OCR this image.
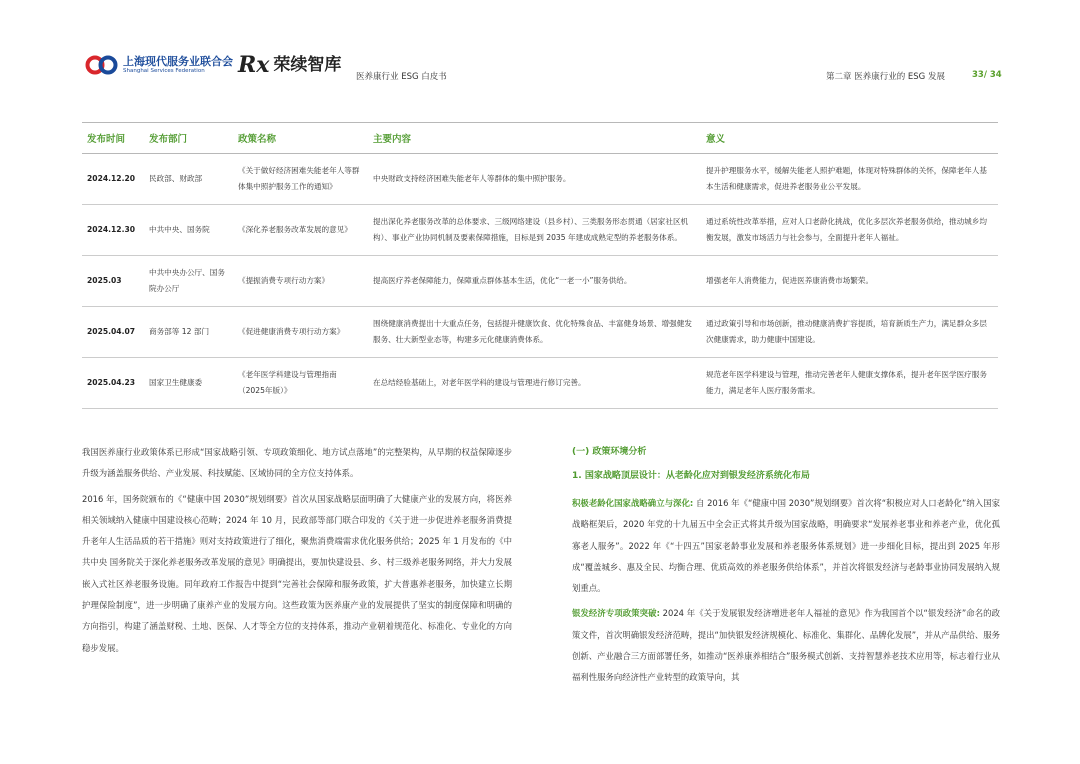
上海现代服务业联合会
Shanghai Services Federation	Rx 荣续智库
医养康行业 ESG 白皮书	第二章 医养康行业的 ESG 发展	33/ 34
发布时间	发布部门	政策名称	主要内容	意义
2024.12.20	民政部、财政部	《关于做好经济困难失能老年人等群体集中照护服务工作的通知》	中央财政支持经济困难失能老年人等群体的集中照护服务。	提升护理服务水平，缓解失能老人照护难题，体现对特殊群体的关怀，保障老年人基本生活和健康需求，促进养老服务业公平发展。
2024.12.30	中共中央、国务院	《深化养老服务改革发展的意见》	提出深化养老服务改革的总体要求、三级网络建设（县乡村）、三类服务形态贯通（居家社区机构）、事业产业协同机制及要素保障措施，目标是到 2035 年建成成熟定型的养老服务体系。	通过系统性改革举措，应对人口老龄化挑战，优化多层次养老服务供给，推动城乡均衡发展，激发市场活力与社会参与，全面提升老年人福祉。
2025.03	中共中央办公厅、国务院办公厅	《提振消费专项行动方案》	提高医疗养老保障能力，保障重点群体基本生活，优化“一老一小”服务供给。	增强老年人消费能力，促进医养康消费市场繁荣。
2025.04.07	商务部等 12 部门	《促进健康消费专项行动方案》	围绕健康消费提出十大重点任务，包括提升健康饮食、优化特殊食品、丰富健身场景、增强健发服务、壮大新型业态等，构建多元化健康消费体系。	通过政策引导和市场创新，推动健康消费扩容提质，培育新质生产力，满足群众多层次健康需求，助力健康中国建设。
2025.04.23	国家卫生健康委	《老年医学科建设与管理指南（2025年版）》	在总结经验基础上，对老年医学科的建设与管理进行修订完善。	规范老年医学科建设与管理，推动完善老年人健康支撑体系，提升老年医学医疗服务能力，满足老年人医疗服务需求。

我国医养康行业政策体系已形成“国家战略引领、专项政策细化、地方试点落地”的完整架构，从早期的权益保障逐步升级为涵盖服务供给、产业发展、科技赋能、区域协同的全方位支持体系。

2016 年，国务院颁布的《“健康中国 2030”规划纲要》首次从国家战略层面明确了大健康产业的发展方向，将医养相关领域纳入健康中国建设核心范畴；2024 年 10 月，民政部等部门联合印发的《关于进一步促进养老服务消费提升老年人生活品质的若干措施》则对支持政策进行了细化，聚焦消费端需求优化服务供给；2025 年 1 月发布的《中共中央 国务院关于深化养老服务改革发展的意见》明确提出，要加快建设县、乡、村三级养老服务网络，并大力发展嵌入式社区养老服务设施。同年政府工作报告中提到“完善社会保障和服务政策，扩大普惠养老服务，加快建立长期护理保险制度”，进一步明确了康养产业的发展方向。这些政策为医养康产业的发展提供了坚实的制度保障和明确的方向指引，构建了涵盖财税、土地、医保、人才等全方位的支持体系，推动产业朝着规范化、标准化、专业化的方向稳步发展。

(一) 政策环境分析
1. 国家战略顶层设计：从老龄化应对到银发经济系统化布局

积极老龄化国家战略确立与深化: 自 2016 年《“健康中国 2030”规划纲要》首次将“积极应对人口老龄化”纳入国家战略框架后，2020 年党的十九届五中全会正式将其升级为国家战略，明确要求“发展养老事业和养老产业，优化孤寡老人服务”。2022 年《“十四五”国家老龄事业发展和养老服务体系规划》进一步细化目标，提出到 2025 年形成“覆盖城乡、惠及全民、均衡合理、优质高效的养老服务供给体系”，并首次将银发经济与老龄事业协同发展纳入规划重点。

银发经济专项政策突破: 2024 年《关于发展银发经济增进老年人福祉的意见》作为我国首个以“银发经济”命名的政策文件，首次明确银发经济范畴，提出“加快银发经济规模化、标准化、集群化、品牌化发展”，并从产品供给、服务创新、产业融合三方面部署任务，如推动“医养康养相结合”服务模式创新、支持智慧养老技术应用等，标志着行业从福利性服务向经济性产业转型的政策导向，其
